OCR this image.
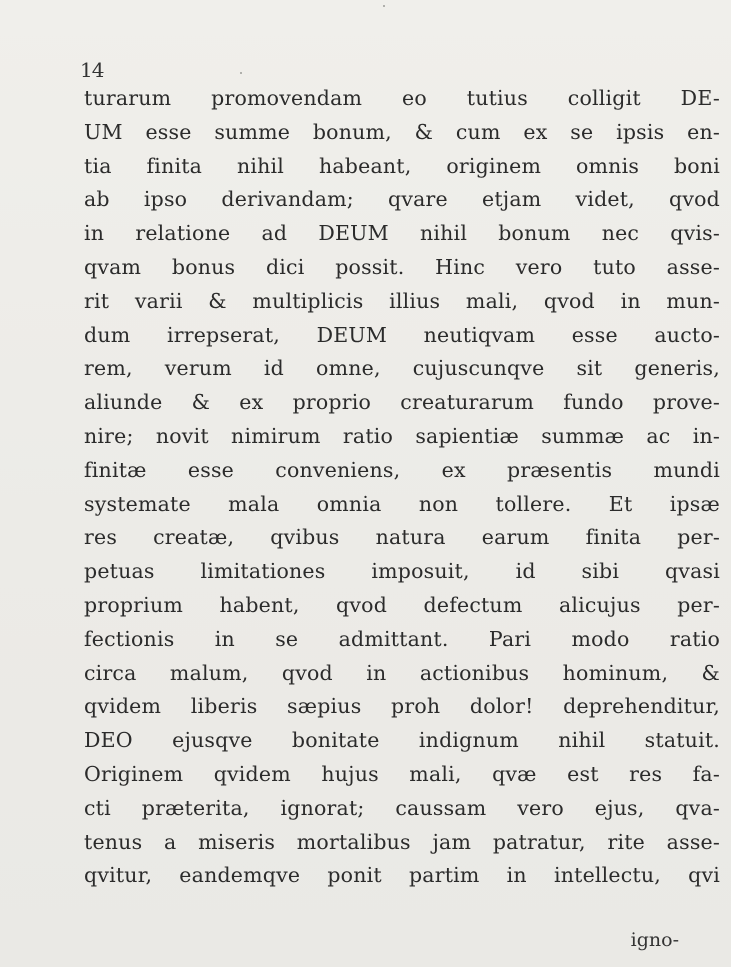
14
turarum promovendam eo tutius colligit DE-
UM esse summe bonum, & cum ex se ipsis en-
tia finita nihil habeant, originem omnis boni
ab ipso derivandam; qvare etjam videt, qvod
in relatione ad DEUM nihil bonum nec qvis-
qvam bonus dici possit. Hinc vero tuto asse-
rit varii & multiplicis illius mali, qvod in mun-
dum irrepserat, DEUM neutiqvam esse aucto-
rem, verum id omne, cujuscunqve sit generis,
aliunde & ex proprio creaturarum fundo prove-
nire; novit nimirum ratio sapientiæ summæ ac in-
finitæ esse conveniens, ex præsentis mundi
systemate mala omnia non tollere. Et ipsæ
res creatæ, qvibus natura earum finita per-
petuas limitationes imposuit, id sibi qvasi
proprium habent, qvod defectum alicujus per-
fectionis in se admittant. Pari modo ratio
circa malum, qvod in actionibus hominum, &
qvidem liberis sæpius proh dolor! deprehenditur,
DEO ejusqve bonitate indignum nihil statuit.
Originem qvidem hujus mali, qvæ est res fa-
cti præterita, ignorat; caussam vero ejus, qva-
tenus a miseris mortalibus jam patratur, rite asse-
qvitur, eandemqve ponit partim in intellectu, qvi
igno-
